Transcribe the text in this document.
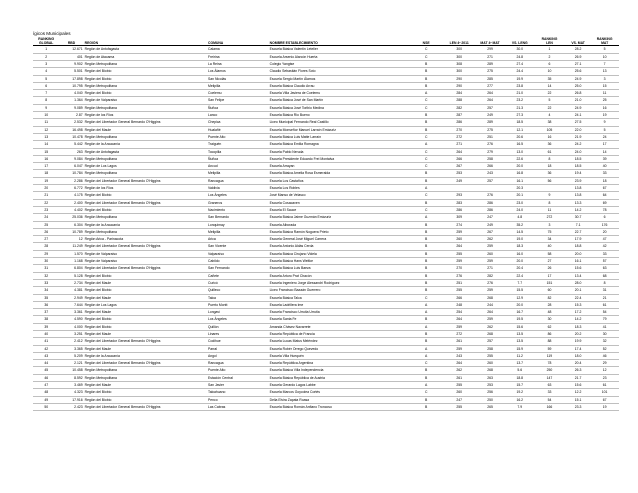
ígicos Municipales
RANKING									RANKING		RANKING
GLOBAL	RBD	REGIÓN	COMUNA	NOMBRE ESTABLECIMIENTO	NSE	LEN 4º 2011	MAT 4º MAT	VS. LENG	LEN	VS. MAT	MAT
1	12.671	Región de Antofagasta	Calama	Escuela Básica Valentin Letelier	C	300	299	30.0	1	28.2	5
2	401	Región de Atacama	Freirina	Escuela Arsenio Alarcón Huerta	C	300	271	24.8	2	26.9	10
3	9.902	Región Metropolitana	La Reina	Colegio Yangtse	B	308	289	27.4	6	27.1	7
4	5.501	Región del Biobío	Los Álamos	Claudio Sebastián Flores Soto	B	300	275	24.4	10	25.6	13
5	17.898	Región del Biobío	San Nicolás	Escuela Sergio Martín Álamos	B	290	285	19.9	35	24.9	3
6	10.795	Región Metropolitana	Melipilla	Escuela Básica Claudio Arrau	B	290	277	23.8	14	25.0	15
7	4.040	Región del Biobío	Coelemu	Escuela Villa Javiera de Coelemu	A	284	264	21.0	22	26.8	11
8	1.364	Región de Valparaíso	San Felipe	Escuela Básica José de San Martín	C	288	264	23.2	5	21.0	25
9	9.089	Región Metropolitana	Ñuñoa	Escuela Básica José Toribio Medina	C	282	257	21.3	22	24.9	16
10	2.87	Región de los Ríos	Lanco	Escuela Básica Rio Bueno	B	287	249	27.3	4	24.1	19
11	2.532	Región del Libertador General Bernardo O'Higgins	Chepica	Liceo Municipal Fernando Real Castillo	B	286	289	18.5	38	27.5	9
12	16.498	Región del Maule	Hualañé	Escuela Monseñor Manuel Larraín Errázuriz	B	270	275	12.1	105	22.0	5
13	10.478	Región Metropolitana	Puente Alto	Escuela Básica Luis Matte Larraín	C	272	251	20.6	16	21.9	24
14	5.442	Región de la Araucanía	Traiguén	Escuela Básica Emilia Romagna	A	271	276	16.5	36	24.2	17
15	263	Región de Antofagasta	Tocopilla	Escuela Pablo Neruda	C	264	279	13.0	61	24.0	14
16	9.084	Región Metropolitana	Ñuñoa	Escuela Presidente Eduardo Frei Montalva	C	266	258	22.6	8	18.5	39
17	6.047	Región de Los Lagos	Ancud	Escuela Arrayan	C	267	266	20.0	18	18.5	40
18	10.784	Región Metropolitana	Melipilla	Escuela Básica Amelia Rosa Esmeralda	B	253	243	16.8	36	19.4	33
19	2.286	Región del Libertador General Bernardo O'Higgins	Rancagua	Escuela Los Castaños	B	249	257	16.1	56	23.9	18
20	6.772	Región de los Ríos	Valdivia	Escuela Los Robles	A			20.3		13.8	67
21	4.175	Región del Biobío	Los Ángeles	José Manso de Velasco	C	293	276	20.1	9	13.8	64
22	2.400	Región del Libertador General Bernardo O'Higgins	Graneros	Escuela Cosacaven	B	283	286	23.0	8	13.3	69
23	4.402	Región del Biobío	Nacimiento	Escuela El Sauce	C	286	286	24.0	11	14.2	78
24	25.036	Región Metropolitana	San Bernardo	Escuela Básica Jaime Guzmán Errázuriz	A	309	247	4.8	272	30.7	6
25	6.304	Región de la Araucanía	Lonquimay	Escuela Alborada	B	274	249	35.2	3	7.1	176
26	10.789	Región Metropolitana	Melipilla	Escuela Básica Ramón Noguera Prieto	B	259	267	14.5	75	22.7	20
27	12	Región Arica - Parinacota	Arica	Escuela General José Miguel Carrera	B	260	262	19.0	34	17.9	47
28	11.249	Región del Libertador General Bernardo O'Higgins	San Vicente	Escuela Antonio Aldás Cerda	B	264	259	18.3	40	18.8	42
29	1.570	Región de Valparaíso	Valparaíso	Escuela Básica Cirujano Videla	B	255	260	16.0	58	20.0	33
30	1.168	Región de Valparaíso	Cabildo	Escuela Básica Hans Weitke	B	259	259	20.0	27	16.1	57
31	6.804	Región del Libertador General Bernardo O'Higgins	San Fernando	Escuela Básica Luis Baeza	B	270	271	20.4	26	15.6	63
32	5.128	Región del Biobío	Cañete	Escuela Arturo Prat Chacón	B	276	282	22.4	17	13.4	68
33	2.734	Región del Maule	Curicó	Escuela Ingeniero Jorge Alessandri Rodríguez	B	251	276	7.7	151	28.0	8
34	4.381	Región del Biobío	Quilleco	Liceo Francisco Bazaán Guerrero	B	255	259	15.5	60	20.1	31
35	2.949	Región del Maule	Talca	Escuela Básica Talca	C	266	268	12.9	82	22.4	21
36	7.644	Región de Los Lagos	Puerto Montt	Escuela Ladrillera Ime	A	248	244	20.0	28	15.3	61
37	3.361	Región del Maule	Longaví	Escuela Francisco Urrutia Urrutia	A	254	264	16.7	48	17.2	54
38	4.590	Región del Biobío	Los Ángeles	Escuela Santa Fe	B	264	259	19.5	30	14.2	79
39	4.000	Región del Biobío	Quillón	Amanda Chávez Navarrete	A	259	262	15.6	62	18.3	41
40	3.251	Región del Maule	Linares	Escuela República de Francia	B	272	268	13.5	86	20.2	30
41	2.412	Región del Libertador General Bernardo O'Higgins	Codihue	Escuela Lucas Matus Meléndez	B	261	257	13.5	88	19.9	32
42	3.365	Región del Maule	Parral	Escuela Robér Orrego Quevedo	A	259	258	15.9	59	17.4	52
43	5.209	Región de la Araucanía	Angol	Escuela Villa Huequén	A	243	255	11.2	119	18.0	46
44	2.121	Región del Libertador General Bernardo O'Higgins	Rancagua	Escuela República Argentina	C	264	260	13.7	78	20.4	29
45	10.458	Región Metropolitana	Puente Alto	Escuela Básica Villa Independencia	B	262	268	5.6	250	26.3	12
46	8.592	Región Metropolitana	Estación Central	Escuela Básica República de Austria	B	261	263	18.8	147	21.7	23
47	3.469	Región del Maule	San Javier	Escuela Gerardo Lagos Labbe	A	255	253	15.7	63	15.6	61
48	4.323	Región del Biobío	Talcahuano	Escuela Marcos Goycolea Cortés	C	260	256	19.2	33	12.2	101
49	17.916	Región del Biobío	Penco	Delia Elvira Zapata Roasa	B	247	250	16.2	54	15.1	67
50	2.423	Región del Libertador General Bernardo O'Higgins	Las Cabras	Escuela Básica Román Anfiano Troncoso	B	255	265	7.9	166	23.3	19
